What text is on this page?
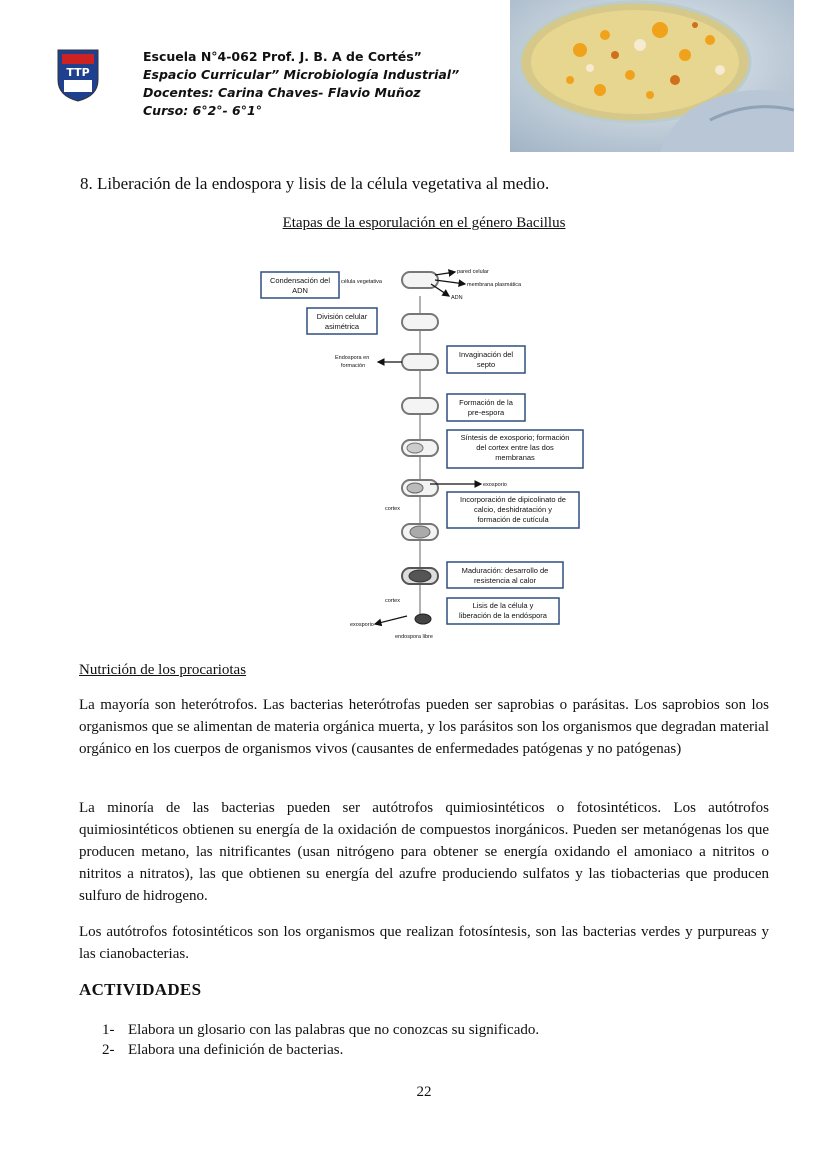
TTP
Escuela N°4-062 Prof. J. B. A de Cortés”
Espacio Curricular” Microbiología Industrial”
Docentes: Carina Chaves- Flavio Muñoz
Curso: 6°2°- 6°1°
8. Liberación de la endospora y lisis de la célula vegetativa al medio.
Etapas de la esporulación en el género Bacillus
Condensación del
ADN
División celular
asimétrica
Invaginación del
septo
Formación de la
pre-espora
Síntesis de exosporio; formación
del cortex entre las dos
membranas
Incorporación de dipicolinato de
calcio, deshidratación y
formación de cutícula
Maduración: desarrollo de
resistencia al calor
Lisis de la célula y
liberación de la endóspora
célula vegetativa
pared celular
membrana plasmática
ADN
Endospora en
formación
exosporio
cortex
cortex
exosporio
endospora libre
Nutrición de los procariotas
La mayoría son heterótrofos. Las bacterias heterótrofas pueden ser saprobias o parásitas. Los saprobios son los organismos que se alimentan de materia orgánica muerta, y los parásitos son los organismos que degradan material orgánico en los cuerpos de organismos vivos (causantes de enfermedades patógenas y no patógenas)
La minoría de las bacterias pueden ser autótrofos quimiosintéticos o fotosintéticos. Los autótrofos quimiosintéticos obtienen su energía de la oxidación de compuestos inorgánicos. Pueden ser metanógenas los que producen metano, las nitrificantes (usan nitrógeno para obtener se energía oxidando el amoniaco a nitritos o nitritos a nitratos), las que obtienen su energía del azufre produciendo sulfatos y las tiobacterias que producen sulfuro de hidrogeno.
Los autótrofos fotosintéticos son los organismos que realizan fotosíntesis, son las bacterias verdes y purpureas y las cianobacterias.
ACTIVIDADES
1- Elabora un glosario con las palabras que no conozcas su significado.
2- Elabora una definición de bacterias.
22
